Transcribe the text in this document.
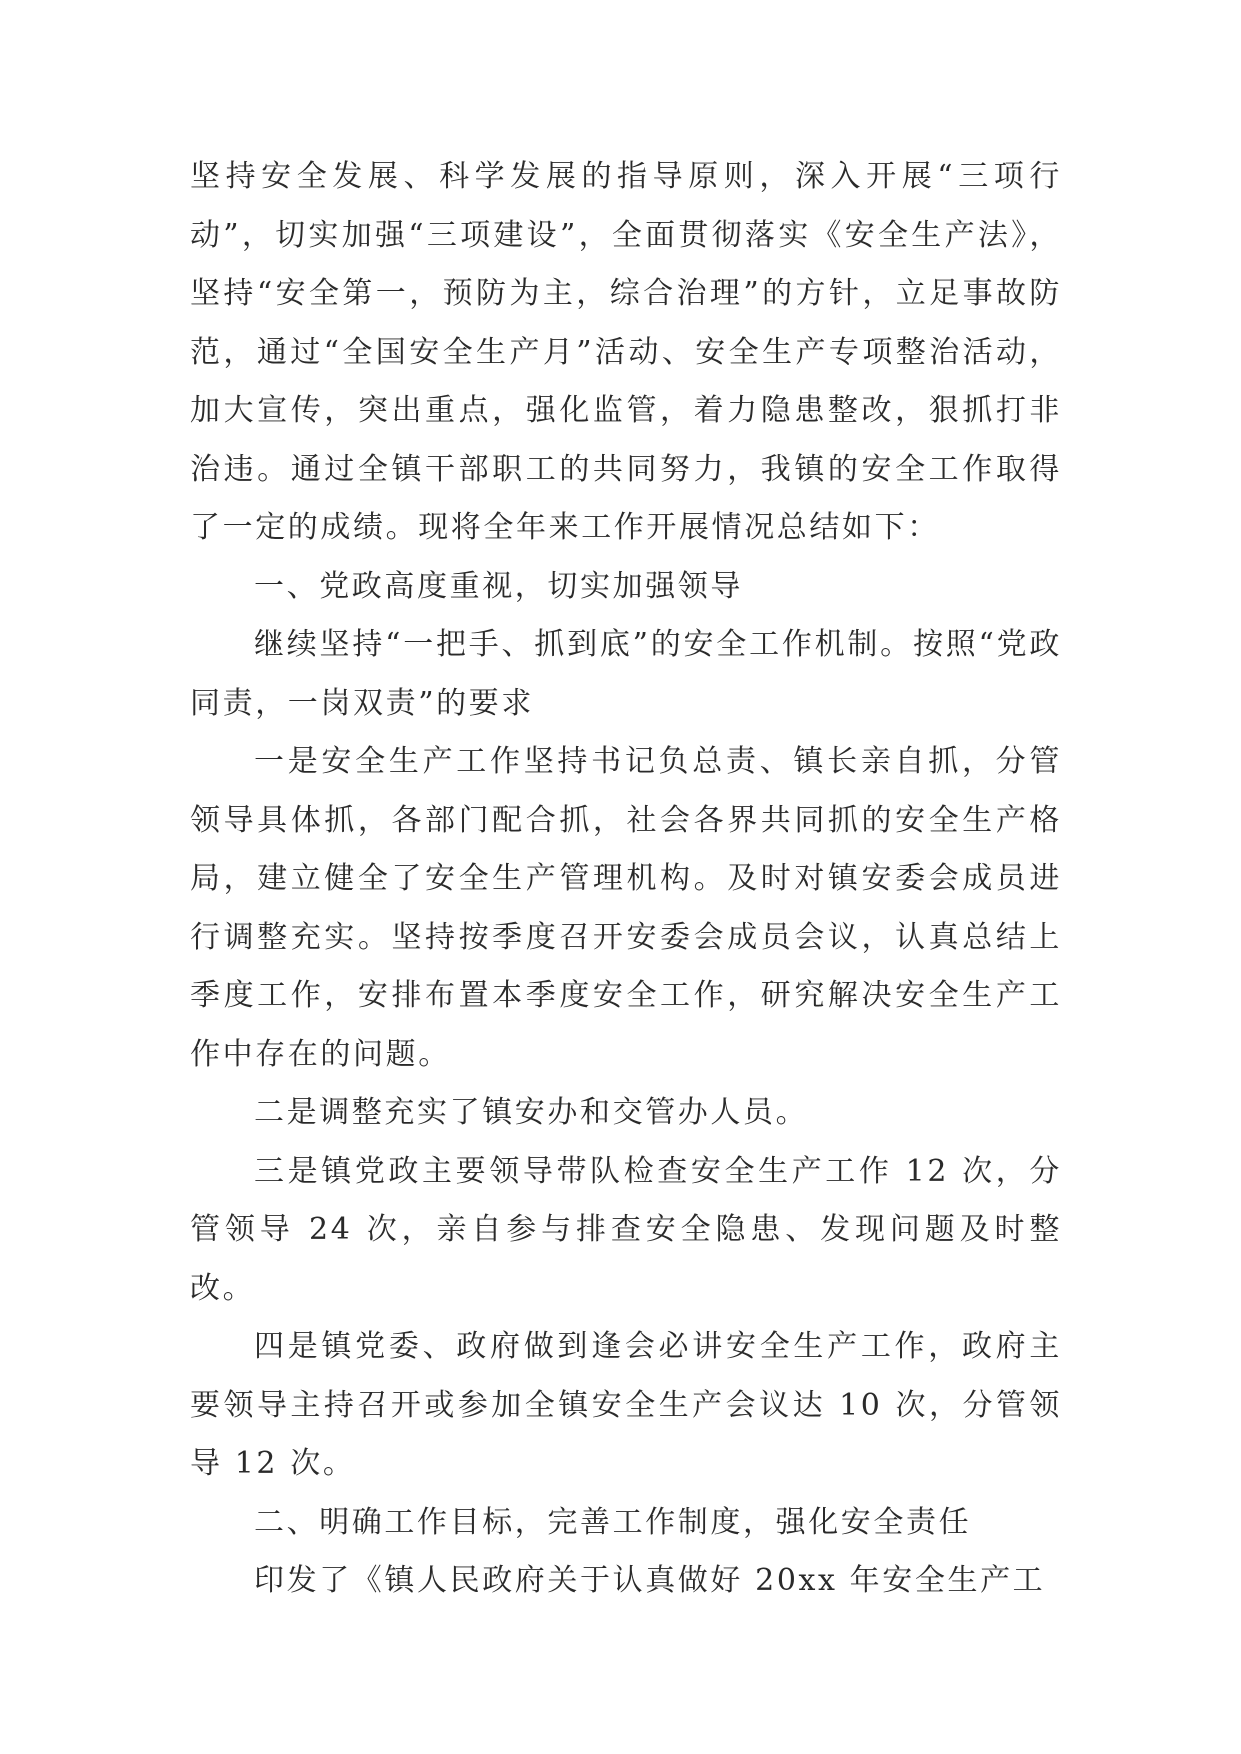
坚持安全发展、科学发展的指导原则，深入开展“三项行动”，切实加强“三项建设”，全面贯彻落实《安全生产法》，坚持“安全第一，预防为主，综合治理”的方针，立足事故防范，通过“全国安全生产月”活动、安全生产专项整治活动，加大宣传，突出重点，强化监管，着力隐患整改，狠抓打非治违。通过全镇干部职工的共同努力，我镇的安全工作取得了一定的成绩。现将全年来工作开展情况总结如下：

一、党政高度重视，切实加强领导

继续坚持“一把手、抓到底”的安全工作机制。按照“党政同责，一岗双责”的要求

一是安全生产工作坚持书记负总责、镇长亲自抓，分管领导具体抓，各部门配合抓，社会各界共同抓的安全生产格局，建立健全了安全生产管理机构。及时对镇安委会成员进行调整充实。坚持按季度召开安委会成员会议，认真总结上季度工作，安排布置本季度安全工作，研究解决安全生产工作中存在的问题。

二是调整充实了镇安办和交管办人员。

三是镇党政主要领导带队检查安全生产工作 12 次，分管领导 24 次，亲自参与排查安全隐患、发现问题及时整改。

四是镇党委、政府做到逢会必讲安全生产工作，政府主要领导主持召开或参加全镇安全生产会议达 10 次，分管领导 12 次。

二、明确工作目标，完善工作制度，强化安全责任

印发了《镇人民政府关于认真做好 20xx 年安全生产工
